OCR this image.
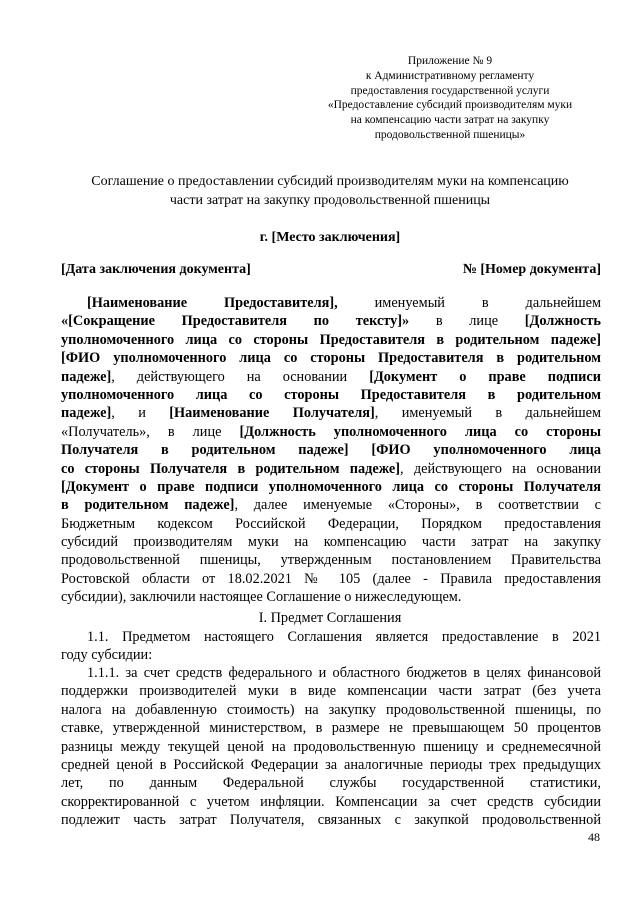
Приложение № 9
к Административному регламенту
предоставления государственной услуги
«Предоставление субсидий производителям муки
на компенсацию части затрат на закупку
продовольственной пшеницы»
Соглашение о предоставлении субсидий производителям муки на компенсацию
части затрат на закупку продовольственной пшеницы
г. [Место заключения]
[Дата заключения документа]	№ [Номер документа]
[Наименование Предоставителя], именуемый в дальнейшем
«[Сокращение Предоставителя по тексту]» в лице [Должность
уполномоченного лица со стороны Предоставителя в родительном падеже]
[ФИО уполномоченного лица со стороны Предоставителя в родительном
падеже], действующего на основании [Документ о праве подписи
уполномоченного лица со стороны Предоставителя в родительном
падеже], и [Наименование Получателя], именуемый в дальнейшем
«Получатель», в лице [Должность уполномоченного лица со стороны
Получателя в родительном падеже] [ФИО уполномоченного лица
со стороны Получателя в родительном падеже], действующего на основании
[Документ о праве подписи уполномоченного лица со стороны Получателя
в родительном падеже], далее именуемые «Стороны», в соответствии с
Бюджетным кодексом Российской Федерации, Порядком предоставления
субсидий производителям муки на компенсацию части затрат на закупку
продовольственной пшеницы, утвержденным постановлением Правительства
Ростовской области от 18.02.2021 № 105 (далее - Правила предоставления
субсидии), заключили настоящее Соглашение о нижеследующем.
I. Предмет Соглашения
1.1. Предметом настоящего Соглашения является предоставление в 2021
году субсидии:
1.1.1. за счет средств федерального и областного бюджетов в целях финансовой
поддержки производителей муки в виде компенсации части затрат (без учета
налога на добавленную стоимость) на закупку продовольственной пшеницы, по
ставке, утвержденной министерством, в размере не превышающем 50 процентов
разницы между текущей ценой на продовольственную пшеницу и среднемесячной
средней ценой в Российской Федерации за аналогичные периоды трех предыдущих
лет, по данным Федеральной службы государственной статистики,
скорректированной с учетом инфляции. Компенсации за счет средств субсидии
подлежит часть затрат Получателя, связанных с закупкой продовольственной
48
